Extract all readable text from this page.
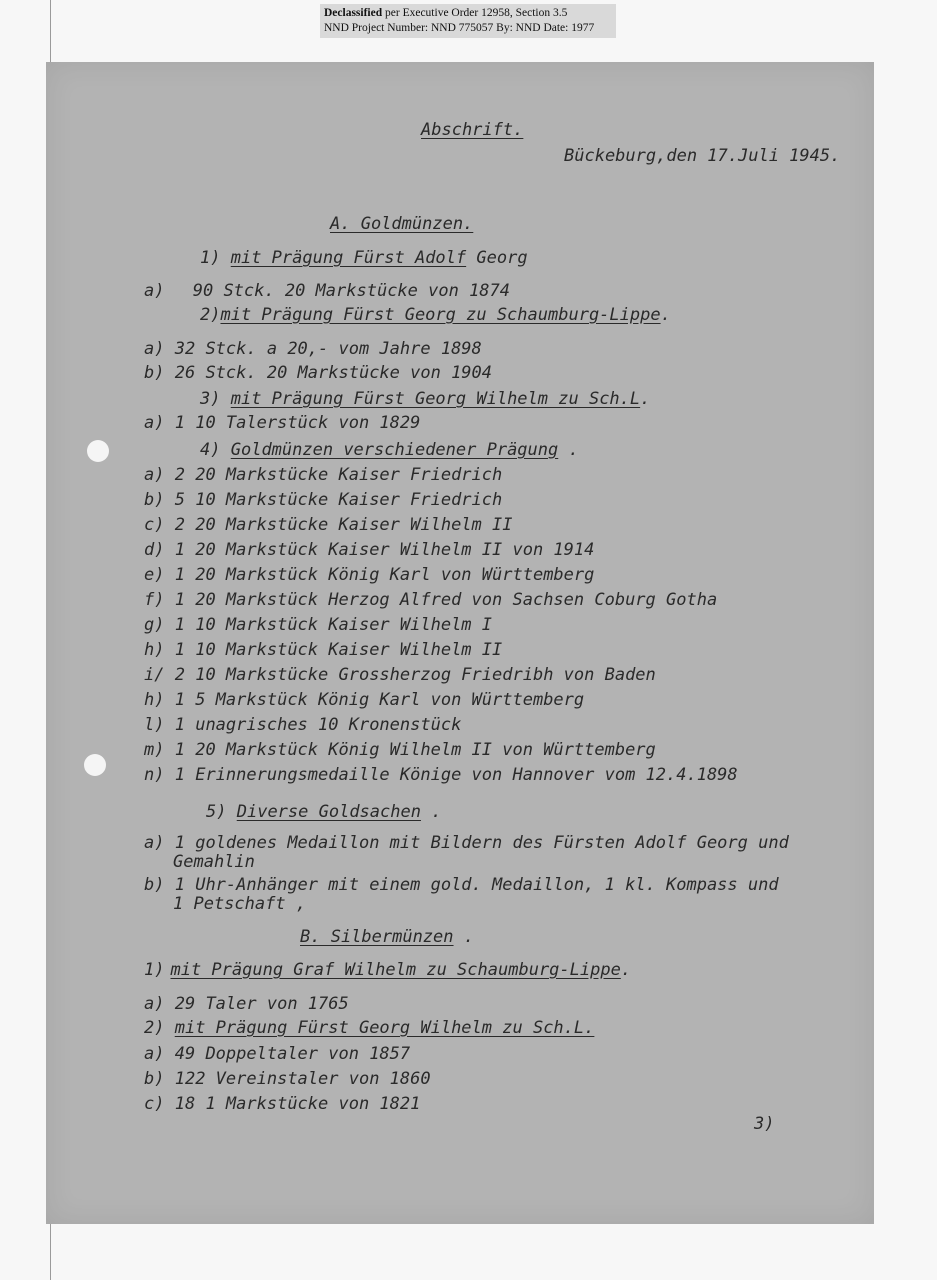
Declassified per Executive Order 12958, Section 3.5
NND Project Number: NND 775057 By: NND Date: 1977
Abschrift.
Bückeburg,den 17.Juli 1945.
A. Goldmünzen.
1) mit Prägung Fürst Adolf Georg
a) 90 Stck. 20 Markstücke von 1874
2)mit Prägung Fürst Georg zu Schaumburg-Lippe.
a) 32 Stck. a 20,- vom Jahre 1898
b) 26 Stck. 20 Markstücke von 1904
3) mit Prägung Fürst Georg Wilhelm zu Sch.L.
a) 1 10 Talerstück von 1829
4) Goldmünzen verschiedener Prägung .
a) 2 20 Markstücke Kaiser Friedrich
b) 5 10 Markstücke Kaiser Friedrich
c) 2 20 Markstücke Kaiser Wilhelm II
d) 1 20 Markstück Kaiser Wilhelm II von 1914
e) 1 20 Markstück König Karl von Württemberg
f) 1 20 Markstück Herzog Alfred von Sachsen Coburg Gotha
g) 1 10 Markstück Kaiser Wilhelm I
h) 1 10 Markstück Kaiser Wilhelm II
i/ 2 10 Markstücke Grossherzog Friedribh von Baden
h) 1 5 Markstück König Karl von Württemberg
l) 1 unagrisches 10 Kronenstück
m) 1 20 Markstück König Wilhelm II von Württemberg
n) 1 Erinnerungsmedaille Könige von Hannover vom 12.4.1898
5) Diverse Goldsachen .
a) 1 goldenes Medaillon mit Bildern des Fürsten Adolf Georg und
Gemahlin
b) 1 Uhr-Anhänger mit einem gold. Medaillon, 1 kl. Kompass und
1 Petschaft ,
B. Silbermünzen .
1) mit Prägung Graf Wilhelm zu Schaumburg-Lippe.
a) 29 Taler von 1765
2) mit Prägung Fürst Georg Wilhelm zu Sch.L.
a) 49 Doppeltaler von 1857
b) 122 Vereinstaler von 1860
c) 18 1 Markstücke von 1821
3)
